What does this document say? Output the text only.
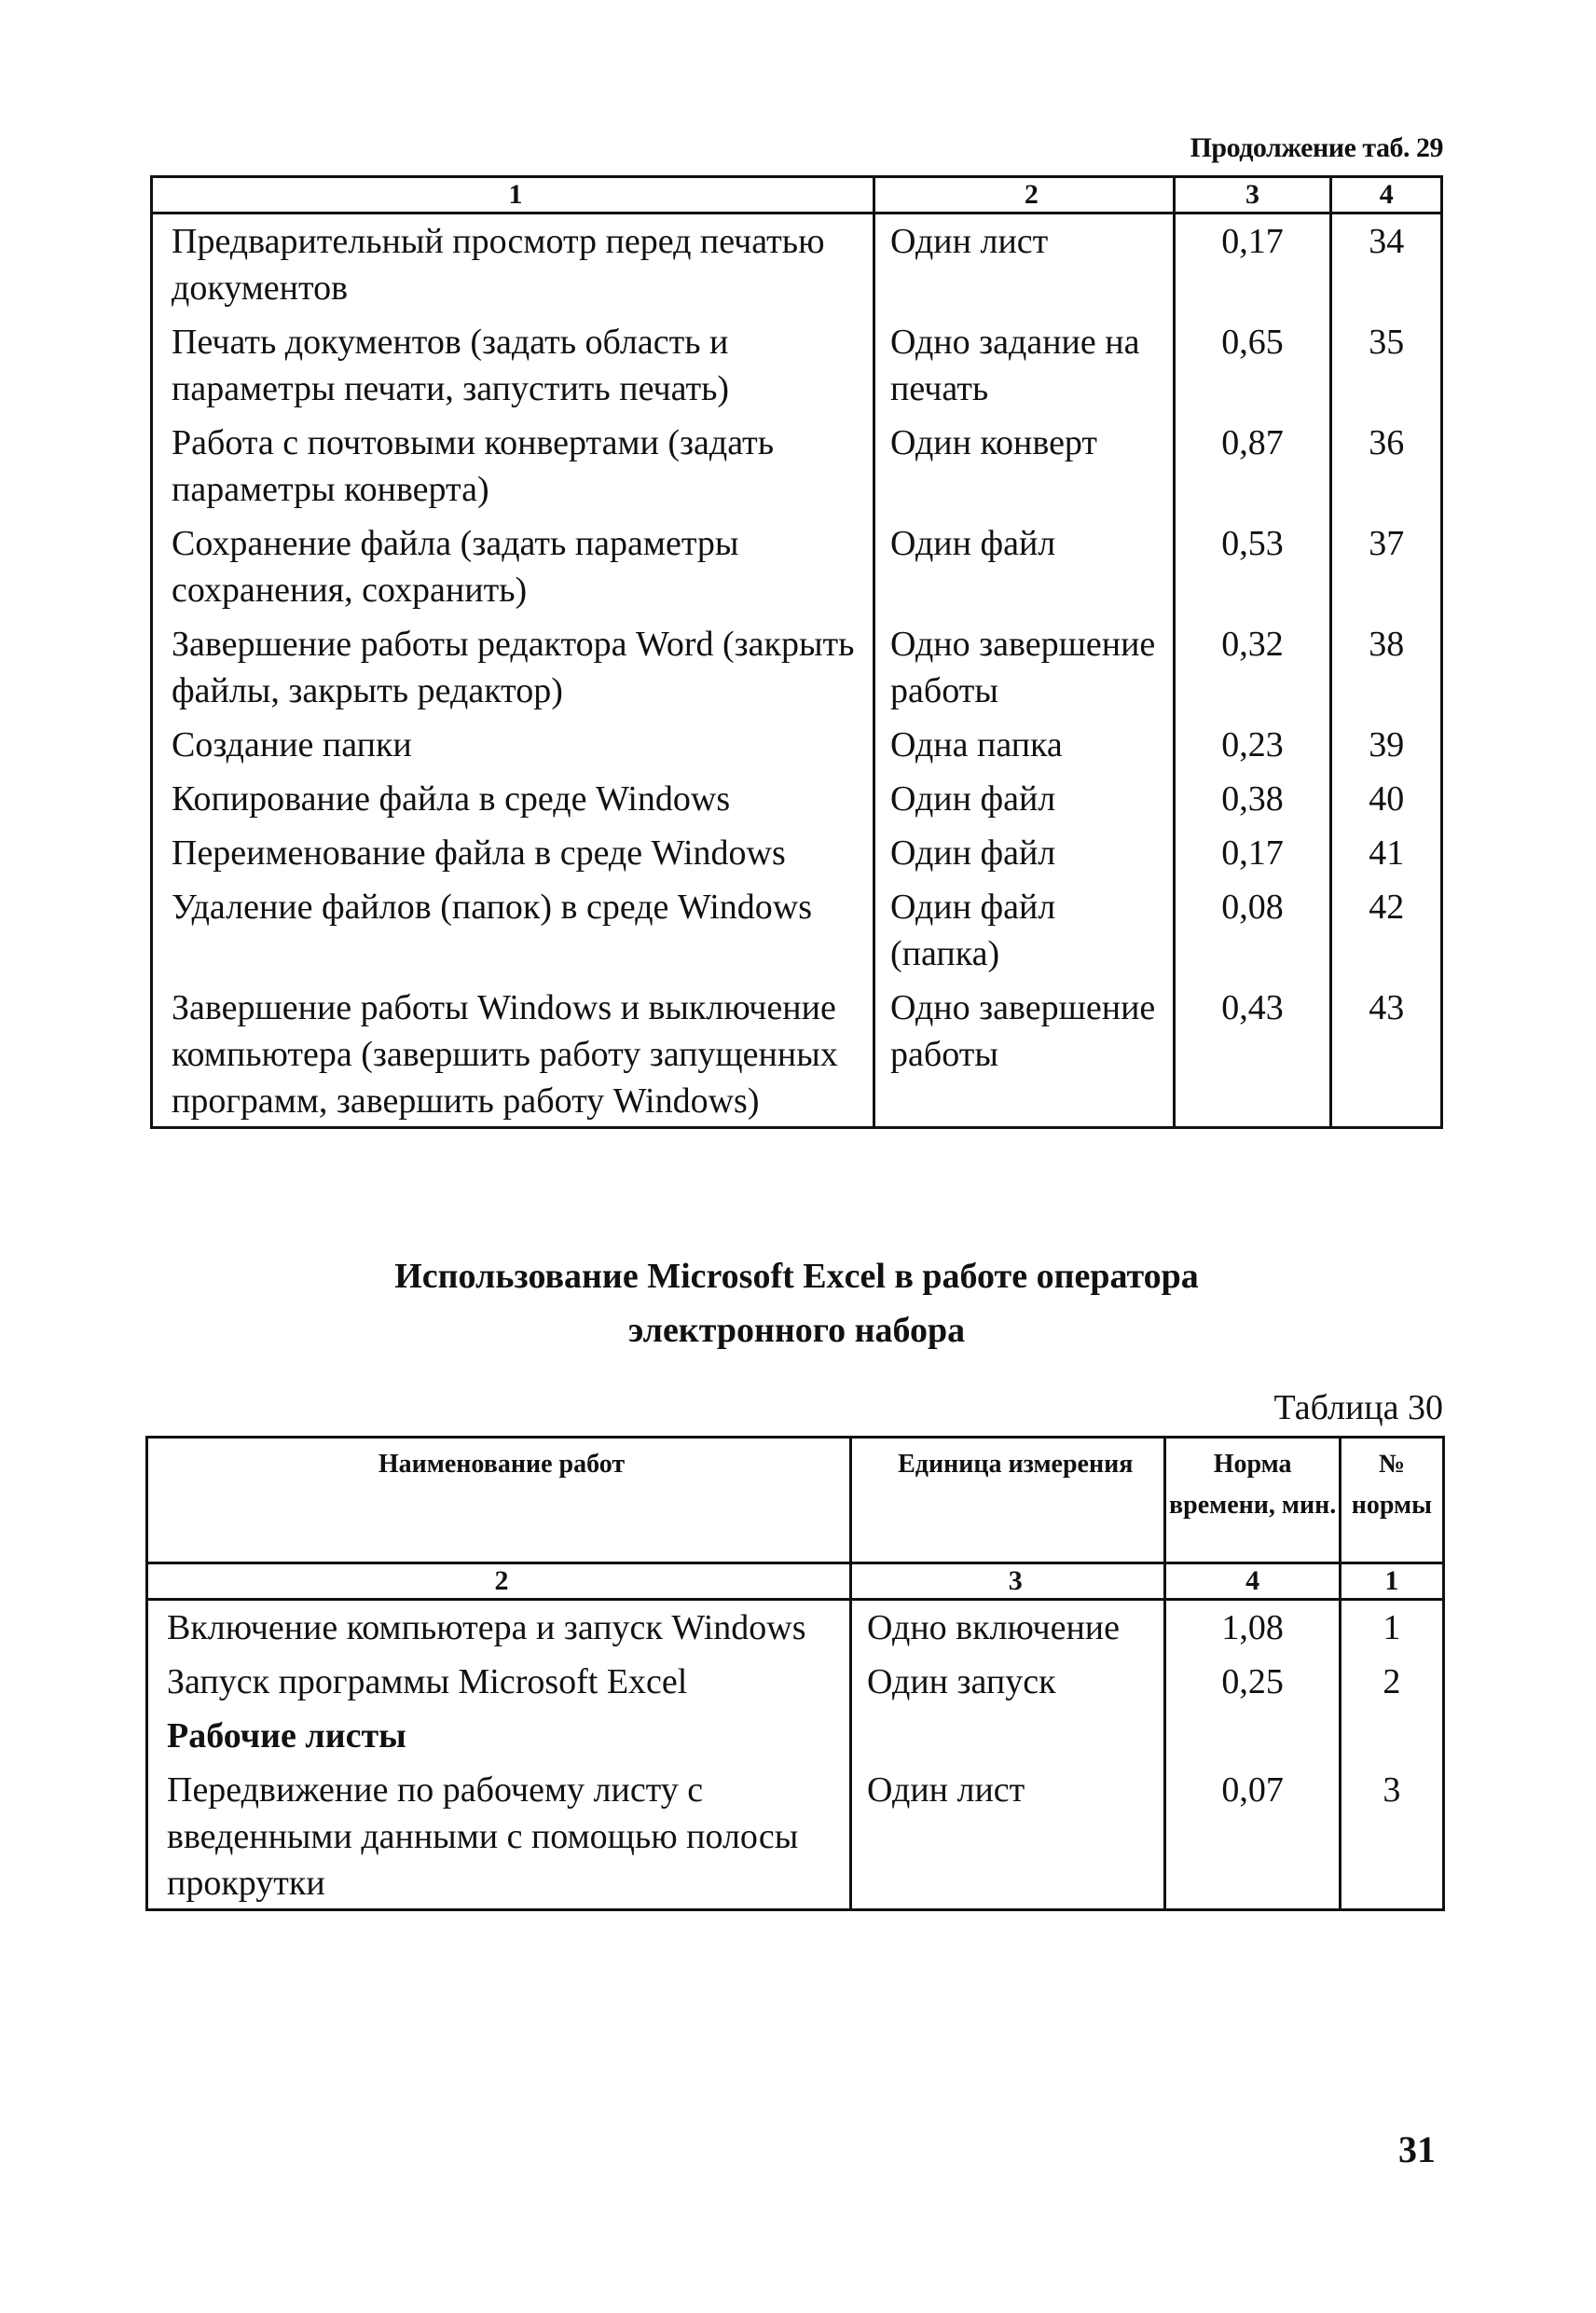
Продолжение таб. 29
1	2	3	4
Предварительный просмотр перед печатью документов	Один лист	0,17	34
Печать документов (задать область и параметры печати, запустить печать)	Одно задание на печать	0,65	35
Работа с почтовыми конвертами (задать параметры конверта)	Один конверт	0,87	36
Сохранение файла (задать параметры сохранения, сохранить)	Один файл	0,53	37
Завершение работы редактора Word (закрыть файлы, закрыть редактор)	Одно завершение работы	0,32	38
Создание папки	Одна папка	0,23	39
Копирование файла в среде Windows	Один файл	0,38	40
Переименование файла в среде Windows	Один файл	0,17	41
Удаление файлов (папок) в среде Windows	Один файл (папка)	0,08	42
Завершение работы Windows и выключение компьютера (завершить работу запущенных программ, завершить работу Windows)	Одно завершение работы	0,43	43
Использование Microsoft Excel в работе оператора
электронного набора
Таблица 30
Наименование работ	Единица измерения	Норма времени, мин.	№ нормы
2	3	4	1
Включение компьютера и запуск Windows	Одно включение	1,08	1
Запуск программы Microsoft Excel	Один запуск	0,25	2
Рабочие листы			
Передвижение по рабочему листу с введенными данными с помощью полосы прокрутки	Один лист	0,07	3
31
